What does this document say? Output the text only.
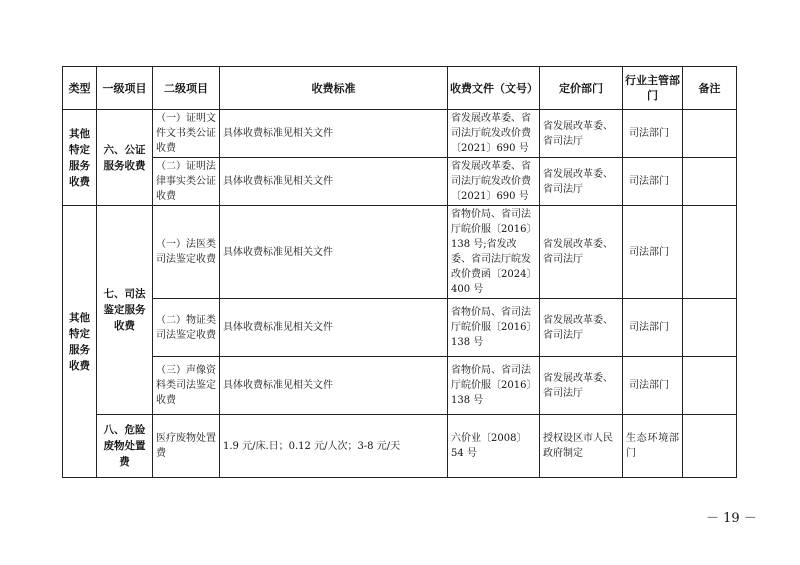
类型	一级项目	二级项目	收费标准	收费文件（文号）	定价部门	行业主管部门	备注
其他特定服务收费	六、公证服务收费	（一）证明文件文书类公证收费	具体收费标准见相关文件	省发展改革委、省司法厅皖发改价费〔2021〕690 号	省发展改革委、省司法厅	司法部门	
		（二）证明法律事实类公证收费	具体收费标准见相关文件	省发展改革委、省司法厅皖发改价费〔2021〕690 号	省发展改革委、省司法厅	司法部门	
其他特定服务收费	七、司法鉴定服务收费	（一）法医类司法鉴定收费	具体收费标准见相关文件	省物价局、省司法厅皖价服〔2016〕138 号;省发改委、省司法厅皖发改价费函〔2024〕400 号	省发展改革委、省司法厅	司法部门	
		（二）物证类司法鉴定收费	具体收费标准见相关文件	省物价局、省司法厅皖价服〔2016〕138 号	省发展改革委、省司法厅	司法部门	
		（三）声像资料类司法鉴定收费	具体收费标准见相关文件	省物价局、省司法厅皖价服〔2016〕138 号	省发展改革委、省司法厅	司法部门	
	八、危险废物处置费	医疗废物处置费	1.9 元/床.日；0.12 元/人次；3-8 元/天	六价业〔2008〕54 号	授权设区市人民政府制定	生态环境部门	
－ 19 －
